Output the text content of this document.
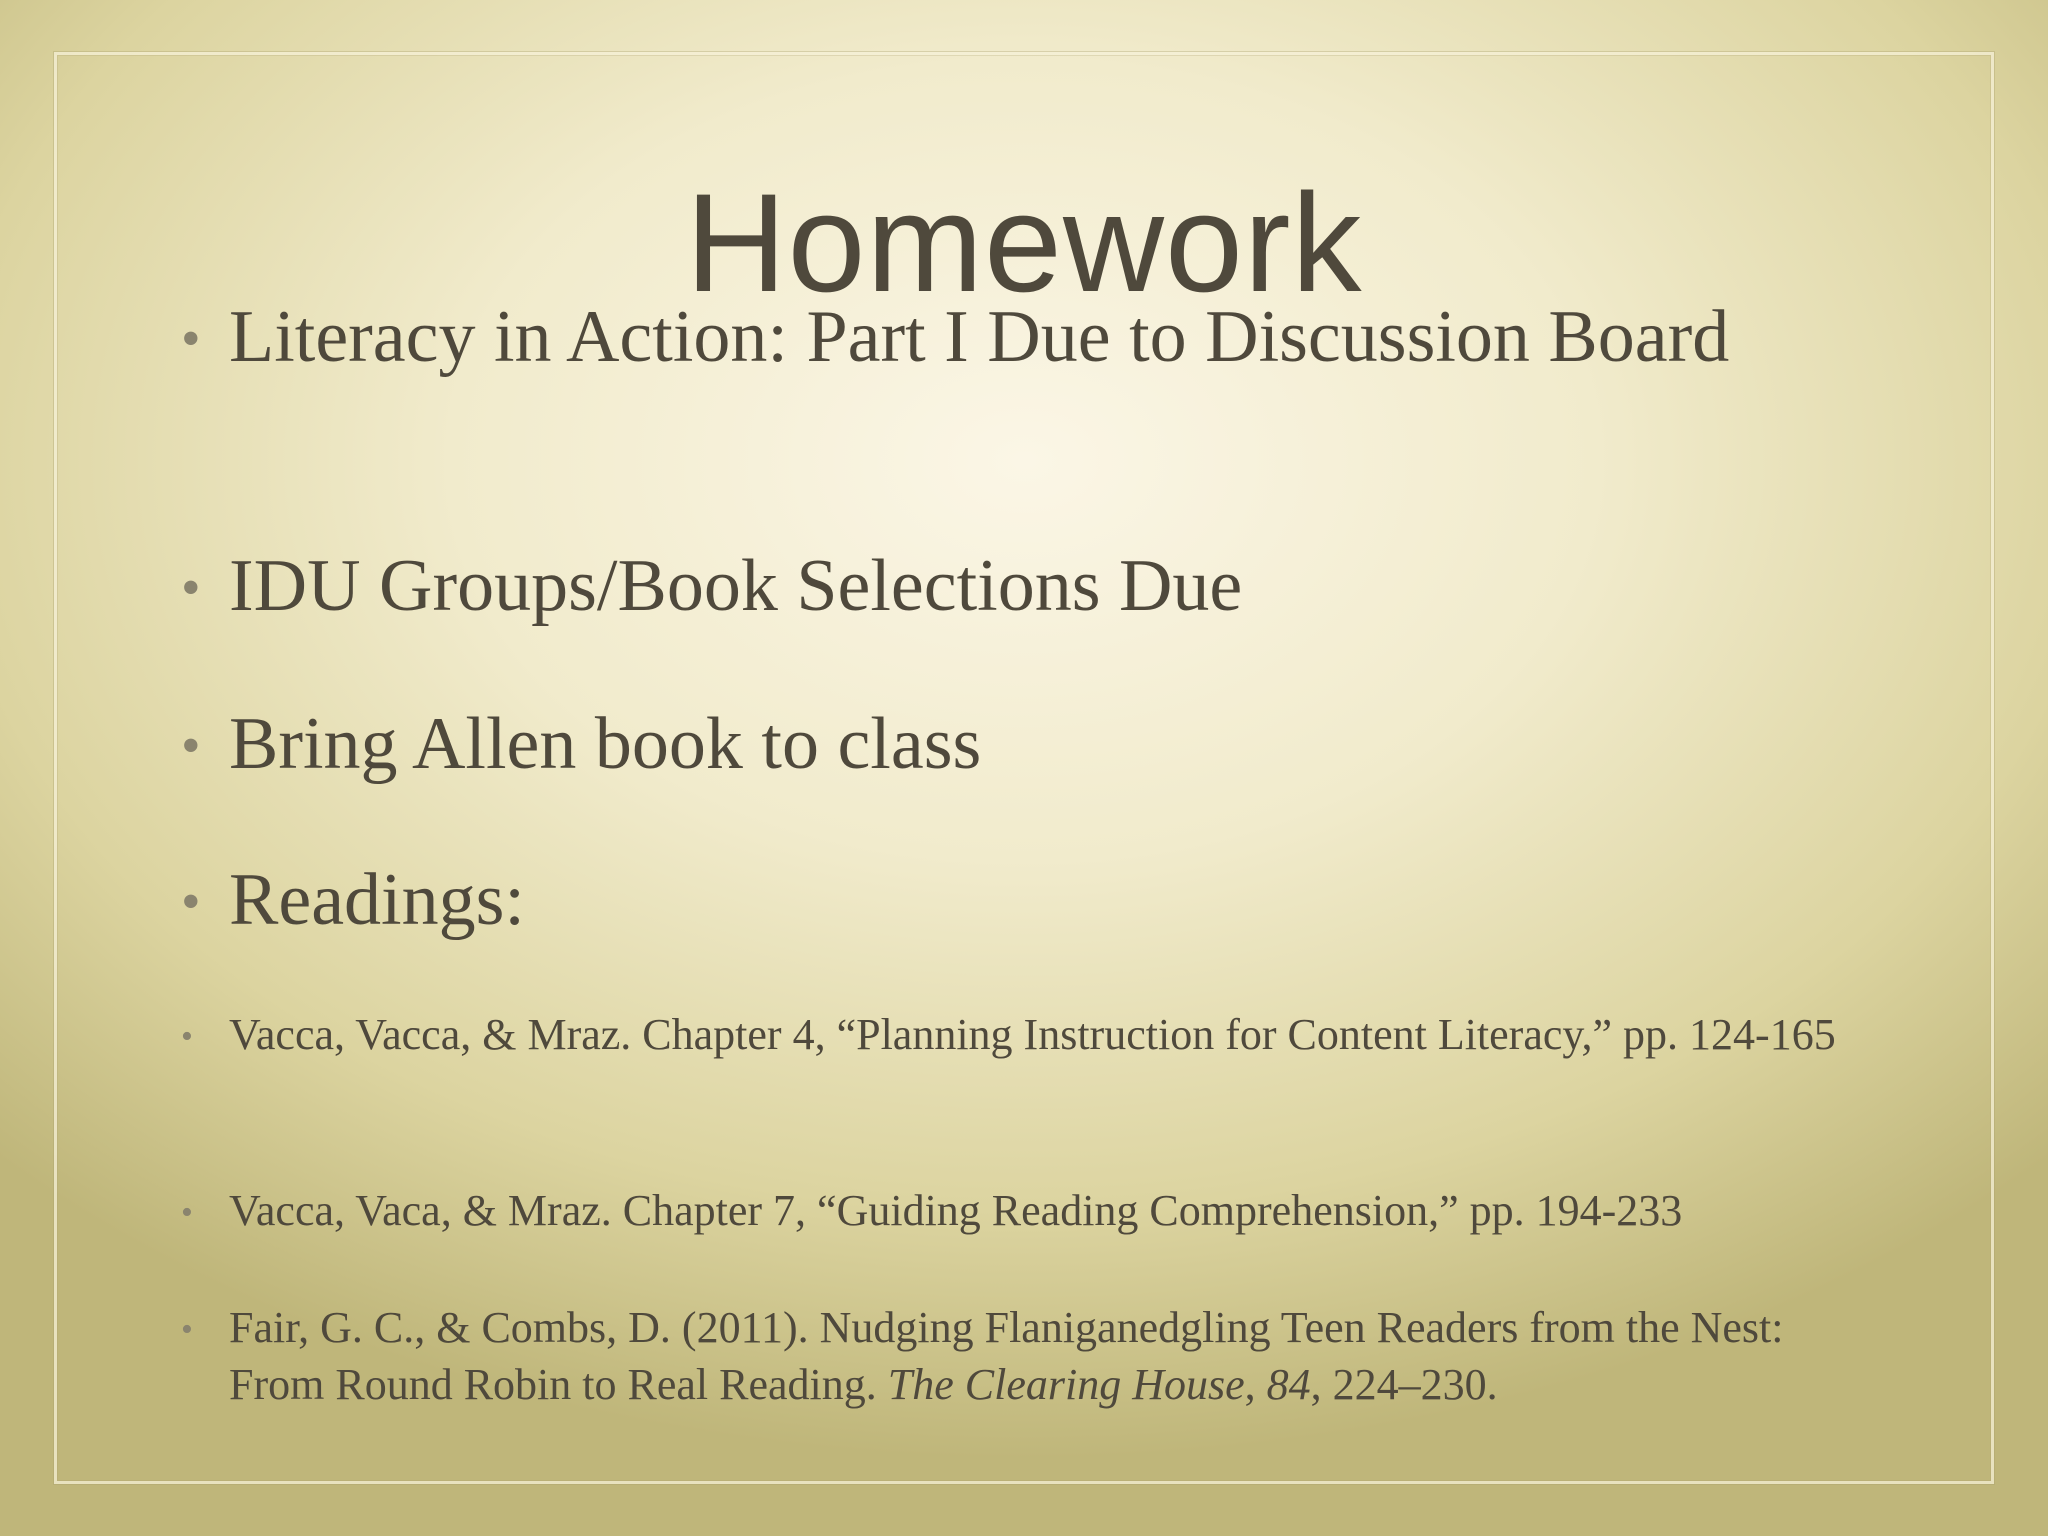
Homework
• Literacy in Action: Part I Due to Discussion Board
• IDU Groups/Book Selections Due
• Bring Allen book to class
• Readings:
• Vacca, Vacca, & Mraz. Chapter 4, “Planning Instruction for Content Literacy,” pp. 124-165
• Vacca, Vaca, & Mraz. Chapter 7, “Guiding Reading Comprehension,” pp. 194-233
• Fair, G. C., & Combs, D. (2011). Nudging Flaniganedgling Teen Readers from the Nest: From Round Robin to Real Reading. The Clearing House, 84, 224–230.
